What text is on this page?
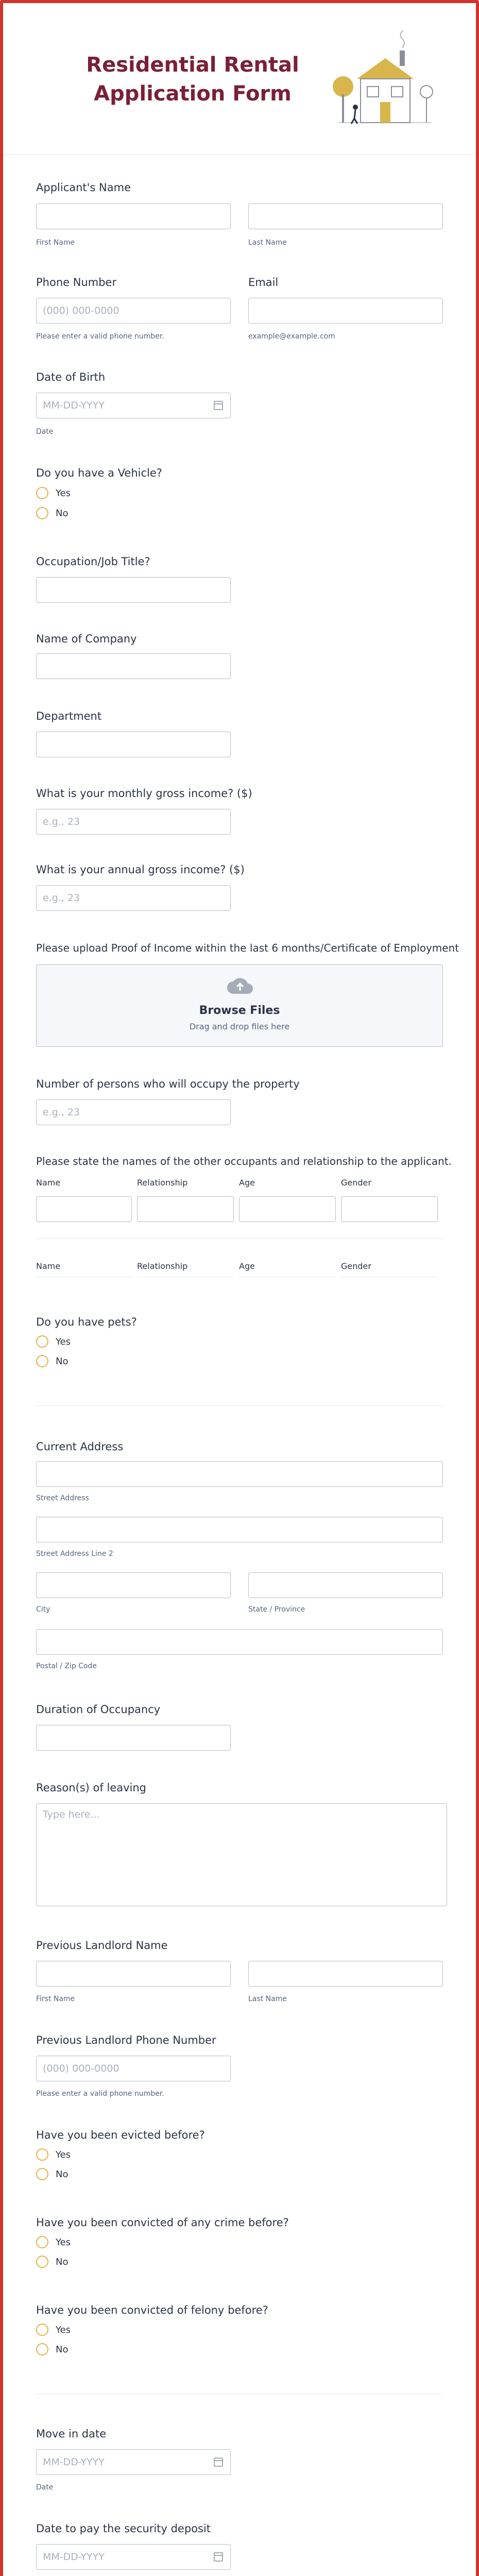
Residential Rental Application Form
Applicant's Name
First Name	Last Name
Phone Number	Email
(000) 000-0000
Please enter a valid phone number.	example@example.com
Date of Birth
MM-DD-YYYY
Date
Do you have a Vehicle?
Yes
No
Occupation/Job Title?
Name of Company
Department
What is your monthly gross income? ($)
e.g., 23
What is your annual gross income? ($)
e.g., 23
Please upload Proof of Income within the last 6 months/Certificate of Employment
Browse Files
Drag and drop files here
Number of persons who will occupy the property
e.g., 23
Please state the names of the other occupants and relationship to the applicant.
Name	Relationship	Age	Gender
Name	Relationship	Age	Gender
Do you have pets?
Yes
No
Current Address
Street Address
Street Address Line 2
City	State / Province
Postal / Zip Code
Duration of Occupancy
Reason(s) of leaving
Type here...
Previous Landlord Name
First Name	Last Name
Previous Landlord Phone Number
(000) 000-0000
Please enter a valid phone number.
Have you been evicted before?
Yes
No
Have you been convicted of any crime before?
Yes
No
Have you been convicted of felony before?
Yes
No
Move in date
MM-DD-YYYY
Date
Date to pay the security deposit
MM-DD-YYYY
